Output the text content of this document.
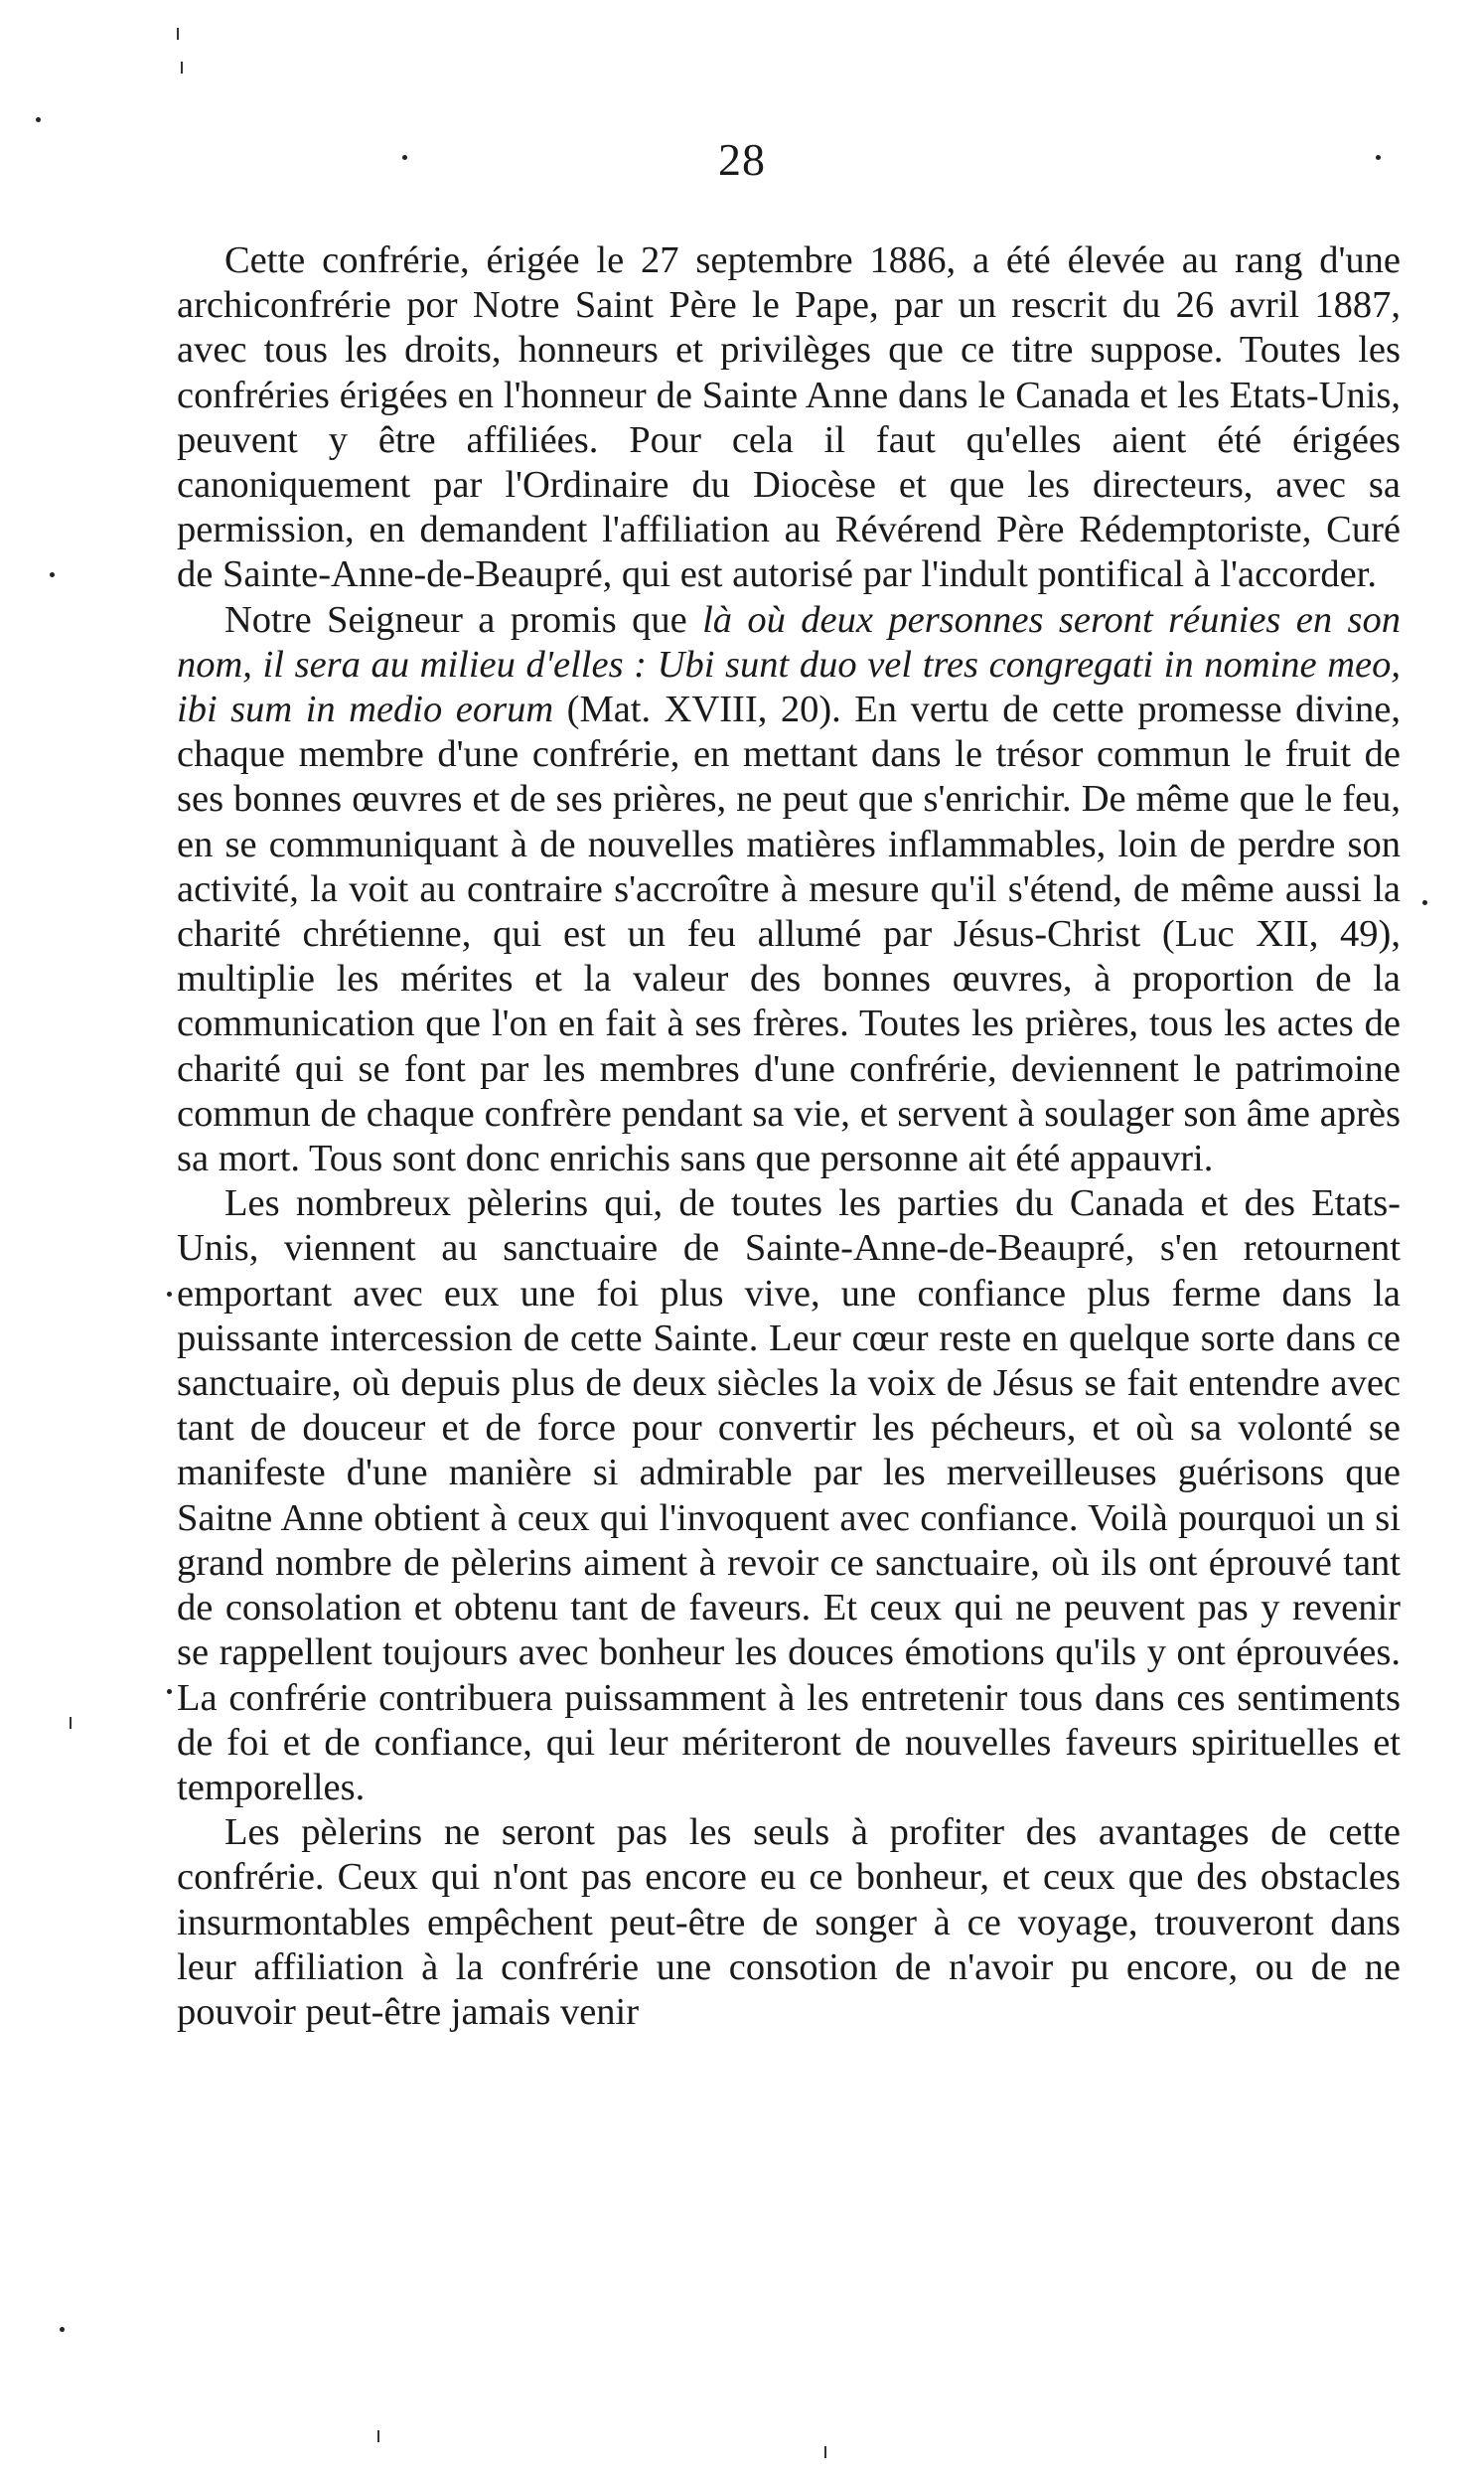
28

Cette confrérie, érigée le 27 septembre 1886, a été élevée au rang d'une archiconfrérie por Notre Saint Père le Pape, par un rescrit du 26 avril 1887, avec tous les droits, honneurs et privilèges que ce titre suppose. Toutes les confréries érigées en l'honneur de Sainte Anne dans le Canada et les Etats-Unis, peuvent y être affiliées. Pour cela il faut qu'elles aient été érigées canoniquement par l'Ordinaire du Diocèse et que les directeurs, avec sa permission, en demandent l'affiliation au Révérend Père Rédemptoriste, Curé de Sainte-Anne-de-Beaupré, qui est autorisé par l'indult pontifical à l'accorder.

Notre Seigneur a promis que là où deux personnes seront réunies en son nom, il sera au milieu d'elles : Ubi sunt duo vel tres congregati in nomine meo, ibi sum in medio eorum (Mat. XVIII, 20). En vertu de cette promesse divine, chaque membre d'une confrérie, en mettant dans le trésor commun le fruit de ses bonnes œuvres et de ses prières, ne peut que s'enrichir. De même que le feu, en se communiquant à de nouvelles matières inflammables, loin de perdre son activité, la voit au contraire s'accroître à mesure qu'il s'étend, de même aussi la charité chrétienne, qui est un feu allumé par Jésus-Christ (Luc XII, 49), multiplie les mérites et la valeur des bonnes œuvres, à proportion de la communication que l'on en fait à ses frères. Toutes les prières, tous les actes de charité qui se font par les membres d'une confrérie, deviennent le patrimoine commun de chaque confrère pendant sa vie, et servent à soulager son âme après sa mort. Tous sont donc enrichis sans que personne ait été appauvri.

Les nombreux pèlerins qui, de toutes les parties du Canada et des Etats-Unis, viennent au sanctuaire de Sainte-Anne-de-Beaupré, s'en retournent emportant avec eux une foi plus vive, une confiance plus ferme dans la puissante intercession de cette Sainte. Leur cœur reste en quelque sorte dans ce sanctuaire, où depuis plus de deux siècles la voix de Jésus se fait entendre avec tant de douceur et de force pour convertir les pécheurs, et où sa volonté se manifeste d'une manière si admirable par les merveilleuses guérisons que Saitne Anne obtient à ceux qui l'invoquent avec confiance. Voilà pourquoi un si grand nombre de pèlerins aiment à revoir ce sanctuaire, où ils ont éprouvé tant de consolation et obtenu tant de faveurs. Et ceux qui ne peuvent pas y revenir se rappellent toujours avec bonheur les douces émotions qu'ils y ont éprouvées. La confrérie contribuera puissamment à les entretenir tous dans ces sentiments de foi et de confiance, qui leur mériteront de nouvelles faveurs spirituelles et temporelles.

Les pèlerins ne seront pas les seuls à profiter des avantages de cette confrérie. Ceux qui n'ont pas encore eu ce bonheur, et ceux que des obstacles insurmontables empêchent peut-être de songer à ce voyage, trouveront dans leur affiliation à la confrérie une consotion de n'avoir pu encore, ou de ne pouvoir peut-être jamais venir
